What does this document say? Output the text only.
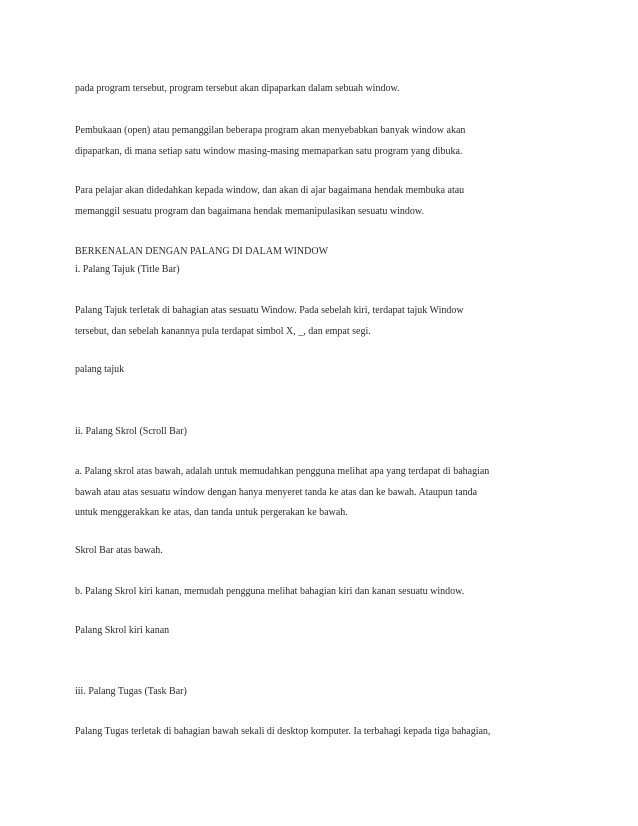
pada program tersebut, program tersebut akan dipaparkan dalam sebuah window.
Pembukaan (open) atau pemanggilan beberapa program akan menyebabkan banyak window akan
dipaparkan, di mana setiap satu window masing-masing memaparkan satu program yang dibuka.
Para pelajar akan didedahkan kepada window, dan akan di ajar bagaimana hendak membuka atau
memanggil sesuatu program dan bagaimana hendak memanipulasikan sesuatu window.
BERKENALAN DENGAN PALANG DI DALAM WINDOW
i. Palang Tajuk (Title Bar)
Palang Tajuk terletak di bahagian atas sesuatu Window. Pada sebelah kiri, terdapat tajuk Window
tersebut, dan sebelah kanannya pula terdapat simbol X, _, dan empat segi.
palang tajuk
ii. Palang Skrol (Scroll Bar)
a. Palang skrol atas bawah, adalah untuk memudahkan pengguna melihat apa yang terdapat di bahagian
bawah atau atas sesuatu window dengan hanya menyeret tanda ke atas dan ke bawah. Ataupun tanda
untuk menggerakkan ke atas, dan tanda untuk pergerakan ke bawah.
Skrol Bar atas bawah.
b. Palang Skrol kiri kanan, memudah pengguna melihat bahagian kiri dan kanan sesuatu window.
Palang Skrol kiri kanan
iii. Palang Tugas (Task Bar)
Palang Tugas terletak di bahagian bawah sekali di desktop komputer. Ia terbahagi kepada tiga bahagian,
